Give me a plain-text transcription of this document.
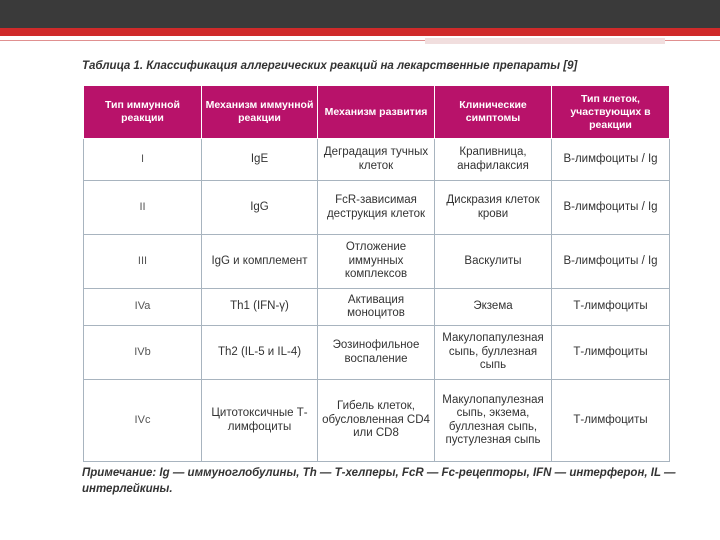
Таблица 1. Классификация аллергических реакций на лекарственные препараты [9]
Тип иммунной реакции	Механизм иммунной реакции	Механизм развития	Клинические симптомы	Тип клеток, участвующих в реакции
I	IgE	Деградация тучных клеток	Крапивница, анафилаксия	В-лимфоциты / Ig
II	IgG	FcR-зависимая деструкция клеток	Дискразия клеток крови	В-лимфоциты / Ig
III	IgG и комплемент	Отложение иммунных комплексов	Васкулиты	В-лимфоциты / Ig
IVa	Th1 (IFN-γ)	Активация моноцитов	Экзема	Т-лимфоциты
IVb	Th2 (IL-5 и IL-4)	Эозинофильное воспаление	Макулопапулезная сыпь, буллезная сыпь	Т-лимфоциты
IVc	Цитотоксичные Т-лимфоциты	Гибель клеток, обусловленная CD4 или CD8	Макулопапулезная сыпь, экзема, буллезная сыпь, пустулезная сыпь	Т-лимфоциты
Примечание: Ig — иммуноглобулины, Th — Т-хелперы, FcR — Fc-рецепторы, IFN — интерферон, IL — интерлейкины.
